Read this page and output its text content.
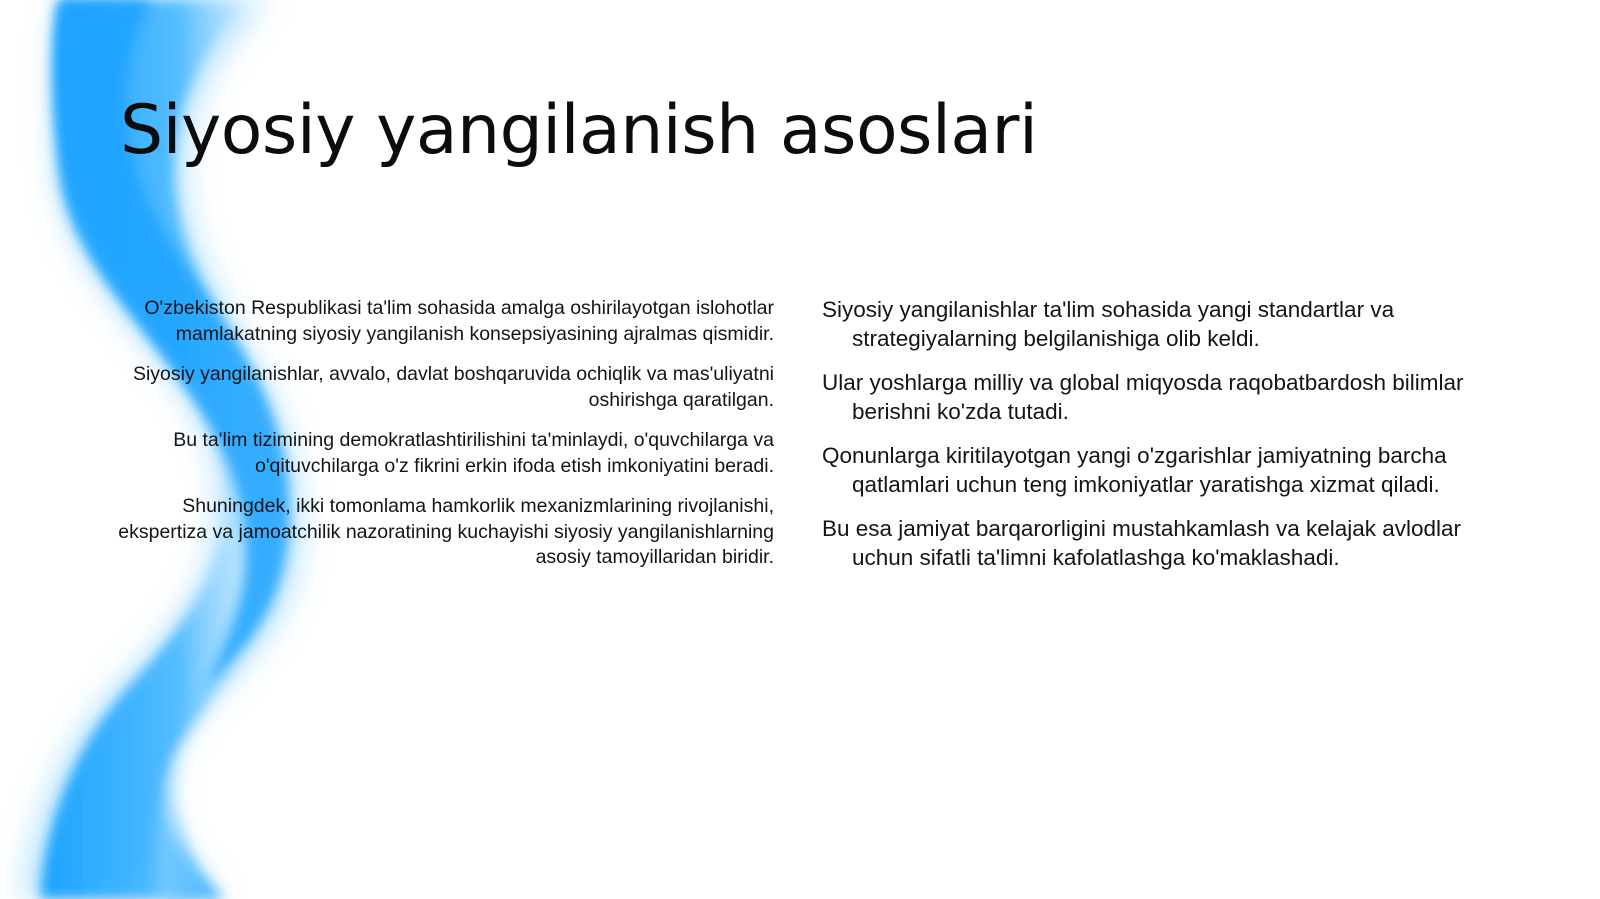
Siyosiy yangilanish asoslari

O'zbekiston Respublikasi ta'lim sohasida amalga oshirilayotgan islohotlar mamlakatning siyosiy yangilanish konsepsiyasining ajralmas qismidir.

Siyosiy yangilanishlar, avvalo, davlat boshqaruvida ochiqlik va mas'uliyatni oshirishga qaratilgan.

Bu ta'lim tizimining demokratlashtirilishini ta'minlaydi, o'quvchilarga va o'qituvchilarga o'z fikrini erkin ifoda etish imkoniyatini beradi.

Shuningdek, ikki tomonlama hamkorlik mexanizmlarining rivojlanishi, ekspertiza va jamoatchilik nazoratining kuchayishi siyosiy yangilanishlarning asosiy tamoyillaridan biridir.

Siyosiy yangilanishlar ta'lim sohasida yangi standartlar va strategiyalarning belgilanishiga olib keldi.

Ular yoshlarga milliy va global miqyosda raqobatbardosh bilimlar berishni ko'zda tutadi.

Qonunlarga kiritilayotgan yangi o'zgarishlar jamiyatning barcha qatlamlari uchun teng imkoniyatlar yaratishga xizmat qiladi.

Bu esa jamiyat barqarorligini mustahkamlash va kelajak avlodlar uchun sifatli ta'limni kafolatlashga ko'maklashadi.
